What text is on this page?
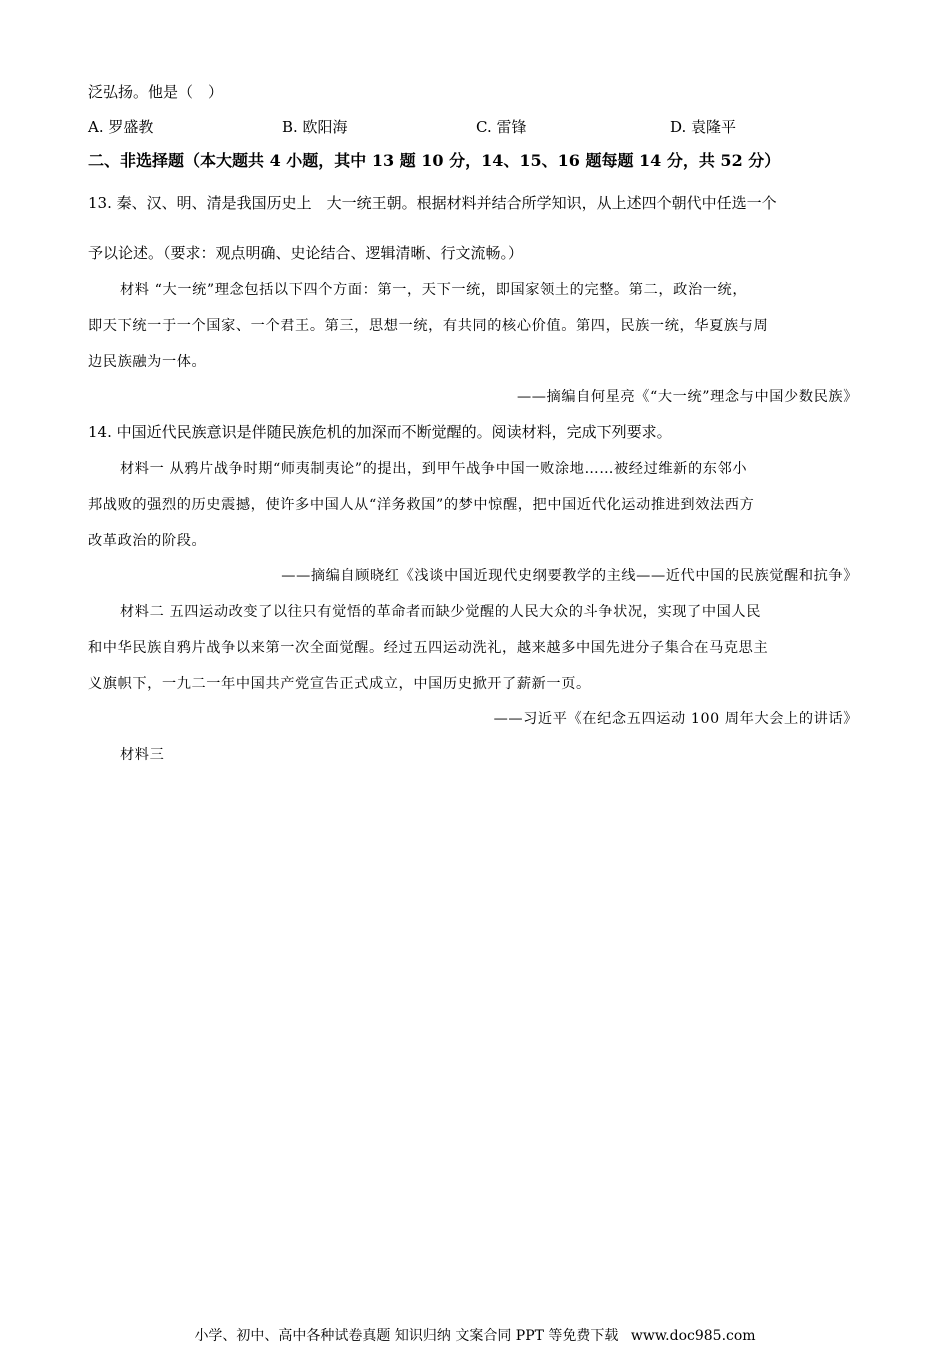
泛弘扬。他是（　）
A. 罗盛教	B. 欧阳海	C. 雷锋	D. 袁隆平
二、非选择题（本大题共 4 小题，其中 13 题 10 分，14、15、16 题每题 14 分，共 52 分）
13. 秦、汉、明、清是我国历史上　大一统王朝。根据材料并结合所学知识，从上述四个朝代中任选一个
予以论述。（要求：观点明确、史论结合、逻辑清晰、行文流畅。）
材料 “大一统”理念包括以下四个方面：第一，天下一统，即国家领土的完整。第二，政治一统，
即天下统一于一个国家、一个君王。第三，思想一统，有共同的核心价值。第四，民族一统，华夏族与周
边民族融为一体。
——摘编自何星亮《“大一统”理念与中国少数民族》
14. 中国近代民族意识是伴随民族危机的加深而不断觉醒的。阅读材料，完成下列要求。
材料一 从鸦片战争时期“师夷制夷论”的提出，到甲午战争中国一败涂地……被经过维新的东邻小
邦战败的强烈的历史震撼，使许多中国人从“洋务救国”的梦中惊醒，把中国近代化运动推进到效法西方
改革政治的阶段。
——摘编自顾晓红《浅谈中国近现代史纲要教学的主线——近代中国的民族觉醒和抗争》
材料二 五四运动改变了以往只有觉悟的革命者而缺少觉醒的人民大众的斗争状况，实现了中国人民
和中华民族自鸦片战争以来第一次全面觉醒。经过五四运动洗礼，越来越多中国先进分子集合在马克思主
义旗帜下，一九二一年中国共产党宣告正式成立，中国历史掀开了薪新一页。
——习近平《在纪念五四运动 100 周年大会上的讲话》
材料三
小学、初中、高中各种试卷真题 知识归纳 文案合同 PPT 等免费下载 www.doc985.com
